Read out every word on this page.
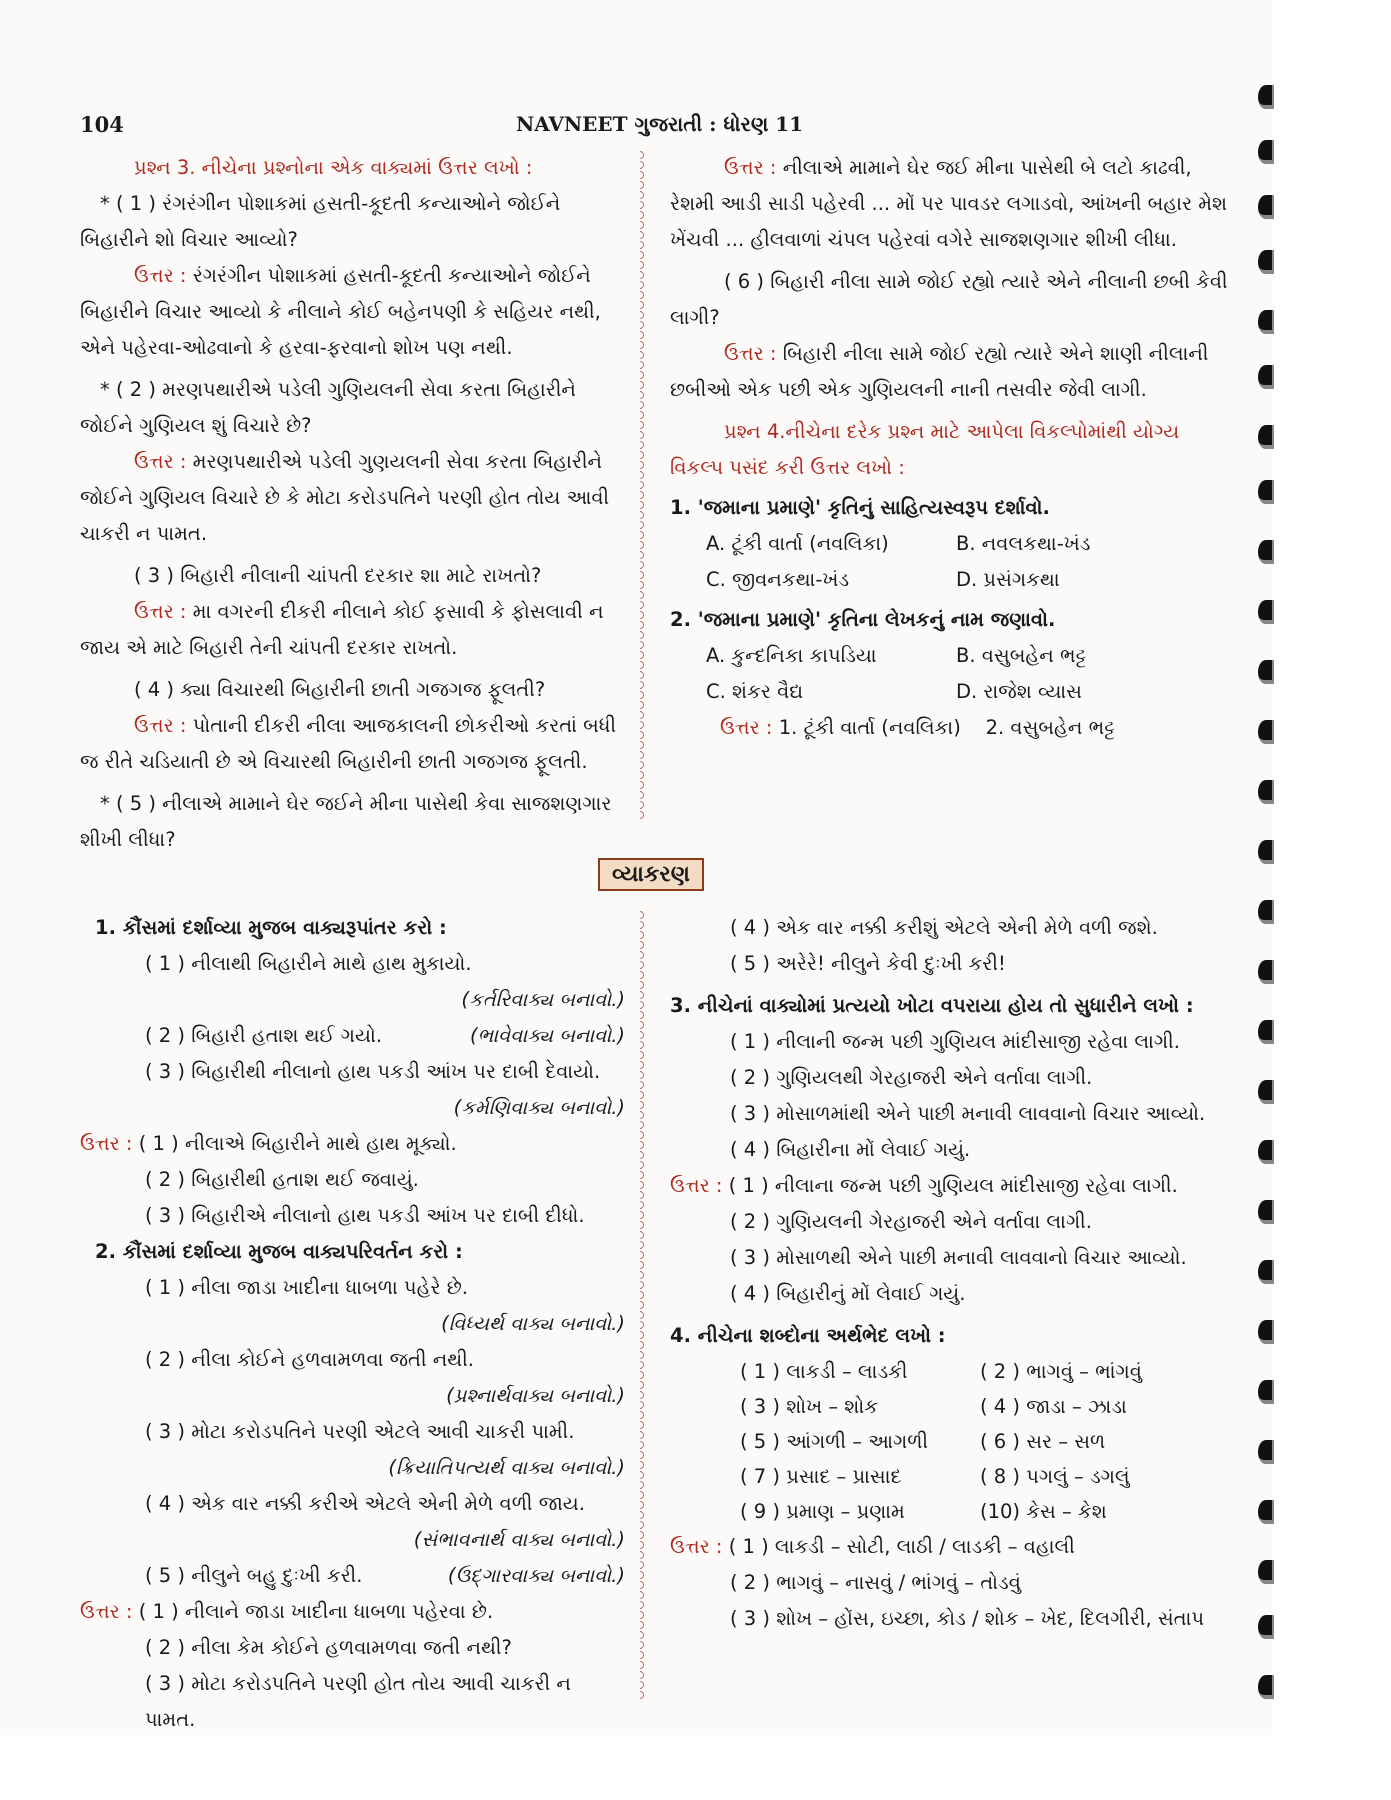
104	NAVNEET ગુજરાતી : ધોરણ 11

પ્રશ્ન 3. નીચેના પ્રશ્નોના એક વાક્યમાં ઉત્તર લખો :

* ( 1 ) રંગરંગીન પોશાકમાં હસતી-કૂદતી કન્યાઓને જોઈને બિહારીને શો વિચાર આવ્યો?

ઉત્તર : રંગરંગીન પોશાકમાં હસતી-કૂદતી કન્યાઓને જોઈને બિહારીને વિચાર આવ્યો કે નીલાને કોઈ બહેનપણી કે સહિયર નથી, એને પહેરવા-ઓઢવાનો કે હરવા-ફરવાનો શોખ પણ નથી.

* ( 2 ) મરણપથારીએ પડેલી ગુણિયલની સેવા કરતા બિહારીને જોઈને ગુણિયલ શું વિચારે છે?

ઉત્તર : મરણપથારીએ પડેલી ગુણયલની સેવા કરતા બિહારીને જોઈને ગુણિયલ વિચારે છે કે મોટા કરોડપતિને પરણી હોત તોય આવી ચાકરી ન પામત.

( 3 ) બિહારી નીલાની ચાંપતી દરકાર શા માટે રાખતો?

ઉત્તર : મા વગરની દીકરી નીલાને કોઈ ફસાવી કે ફોસલાવી ન જાય એ માટે બિહારી તેની ચાંપતી દરકાર રાખતો.

( 4 ) ક્યા વિચારથી બિહારીની છાતી ગજગજ ફૂલતી?

ઉત્તર : પોતાની દીકરી નીલા આજકાલની છોકરીઓ કરતાં બધી જ રીતે ચડિયાતી છે એ વિચારથી બિહારીની છાતી ગજગજ ફૂલતી.

* ( 5 ) નીલાએ મામાને ઘેર જઈને મીના પાસેથી કેવા સાજશણગાર શીખી લીધા?

ઉત્તર : નીલાએ મામાને ઘેર જઈ મીના પાસેથી બે લટો કાઢવી, રેશમી આડી સાડી પહેરવી ... મોં પર પાવડર લગાડવો, આંખની બહાર મેશ ખેંચવી ... હીલવાળાં ચંપલ પહેરવાં વગેરે સાજશણગાર શીખી લીધા.

( 6 ) બિહારી નીલા સામે જોઈ રહ્યો ત્યારે એને નીલાની છબી કેવી લાગી?

ઉત્તર : બિહારી નીલા સામે જોઈ રહ્યો ત્યારે એને શાણી નીલાની છબીઓ એક પછી એક ગુણિયલની નાની તસવીર જેવી લાગી.

પ્રશ્ન 4.નીચેના દરેક પ્રશ્ન માટે આપેલા વિકલ્પોમાંથી યોગ્ય વિકલ્પ પસંદ કરી ઉત્તર લખો :

1. 'જમાના પ્રમાણે' કૃતિનું સાહિત્યસ્વરૂપ દર્શાવો.

A. ટૂંકી વાર્તા (નવલિકા)	B. નવલકથા-ખંડ
C. જીવનકથા-ખંડ	D. પ્રસંગકથા

2. 'જમાના પ્રમાણે' કૃતિના લેખકનું નામ જણાવો.

A. કુન્દનિકા કાપડિયા	B. વસુબહેન ભટ્ટ
C. શંકર વૈદ્ય	D. રાજેશ વ્યાસ

ઉત્તર : 1. ટૂંકી વાર્તા (નવલિકા) 2. વસુબહેન ભટ્ટ

વ્યાકરણ

1. કૌંસમાં દર્શાવ્યા મુજબ વાક્યરૂપાંતર કરો :

( 1 ) નીલાથી બિહારીને માથે હાથ મુકાયો.

(કર્તરિવાક્ય બનાવો.)

( 2 ) બિહારી હતાશ થઈ ગયો.	(ભાવેવાક્ય બનાવો.)

( 3 ) બિહારીથી નીલાનો હાથ પકડી આંખ પર દાબી દેવાયો.

(કર્મણિવાક્ય બનાવો.)

ઉત્તર : ( 1 ) નીલાએ બિહારીને માથે હાથ મૂક્યો.

( 2 ) બિહારીથી હતાશ થઈ જવાયું.

( 3 ) બિહારીએ નીલાનો હાથ પકડી આંખ પર દાબી દીધો.

2. કૌંસમાં દર્શાવ્યા મુજબ વાક્યપરિવર્તન કરો :

( 1 ) નીલા જાડા ખાદીના ધાબળા પહેરે છે.

(વિધ્યર્થ વાક્ય બનાવો.)

( 2 ) નીલા કોઈને હળવામળવા જતી નથી.

(પ્રશ્નાર્થવાક્ય બનાવો.)

( 3 ) મોટા કરોડપતિને પરણી એટલે આવી ચાકરી પામી.

(ક્રિયાતિપત્યર્થ વાક્ય બનાવો.)

( 4 ) એક વાર નક્કી કરીએ એટલે એની મેળે વળી જાય.

(સંભાવનાર્થ વાક્ય બનાવો.)

( 5 ) નીલુને બહુ દુઃખી કરી.	(ઉદ્ગારવાક્ય બનાવો.)

ઉત્તર : ( 1 ) નીલાને જાડા ખાદીના ધાબળા પહેરવા છે.

( 2 ) નીલા કેમ કોઈને હળવામળવા જતી નથી?

( 3 ) મોટા કરોડપતિને પરણી હોત તોય આવી ચાકરી ન પામત.

( 4 ) એક વાર નક્કી કરીશું એટલે એની મેળે વળી જશે.

( 5 ) અરેરે! નીલુને કેવી દુઃખી કરી!

3. નીચેનાં વાક્યોમાં પ્રત્યયો ખોટા વપરાયા હોય તો સુધારીને લખો :

( 1 ) નીલાની જન્મ પછી ગુણિયલ માંદીસાજી રહેવા લાગી.

( 2 ) ગુણિયલથી ગેરહાજરી એને વર્તાવા લાગી.

( 3 ) મોસાળમાંથી એને પાછી મનાવી લાવવાનો વિચાર આવ્યો.

( 4 ) બિહારીના મોં લેવાઈ ગયું.

ઉત્તર : ( 1 ) નીલાના જન્મ પછી ગુણિયલ માંદીસાજી રહેવા લાગી.

( 2 ) ગુણિયલની ગેરહાજરી એને વર્તાવા લાગી.

( 3 ) મોસાળથી એને પાછી મનાવી લાવવાનો વિચાર આવ્યો.

( 4 ) બિહારીનું મોં લેવાઈ ગયું.

4. નીચેના શબ્દોના અર્થભેદ લખો :

( 1 ) લાકડી – લાડકી	( 2 ) ભાગવું – ભાંગવું
( 3 ) શોખ – શોક	( 4 ) જાડા – ઝાડા
( 5 ) આંગળી – આગળી	( 6 ) સર – સળ
( 7 ) પ્રસાદ – પ્રાસાદ	( 8 ) પગલું – ડગલું
( 9 ) પ્રમાણ – પ્રણામ	(10) કેસ – કેશ

ઉત્તર : ( 1 ) લાકડી – સોટી, લાઠી / લાડકી – વહાલી

( 2 ) ભાગવું – નાસવું / ભાંગવું – તોડવું

( 3 ) શોખ – હોંસ, ઇચ્છા, કોડ / શોક – ખેદ, દિલગીરી, સંતાપ
